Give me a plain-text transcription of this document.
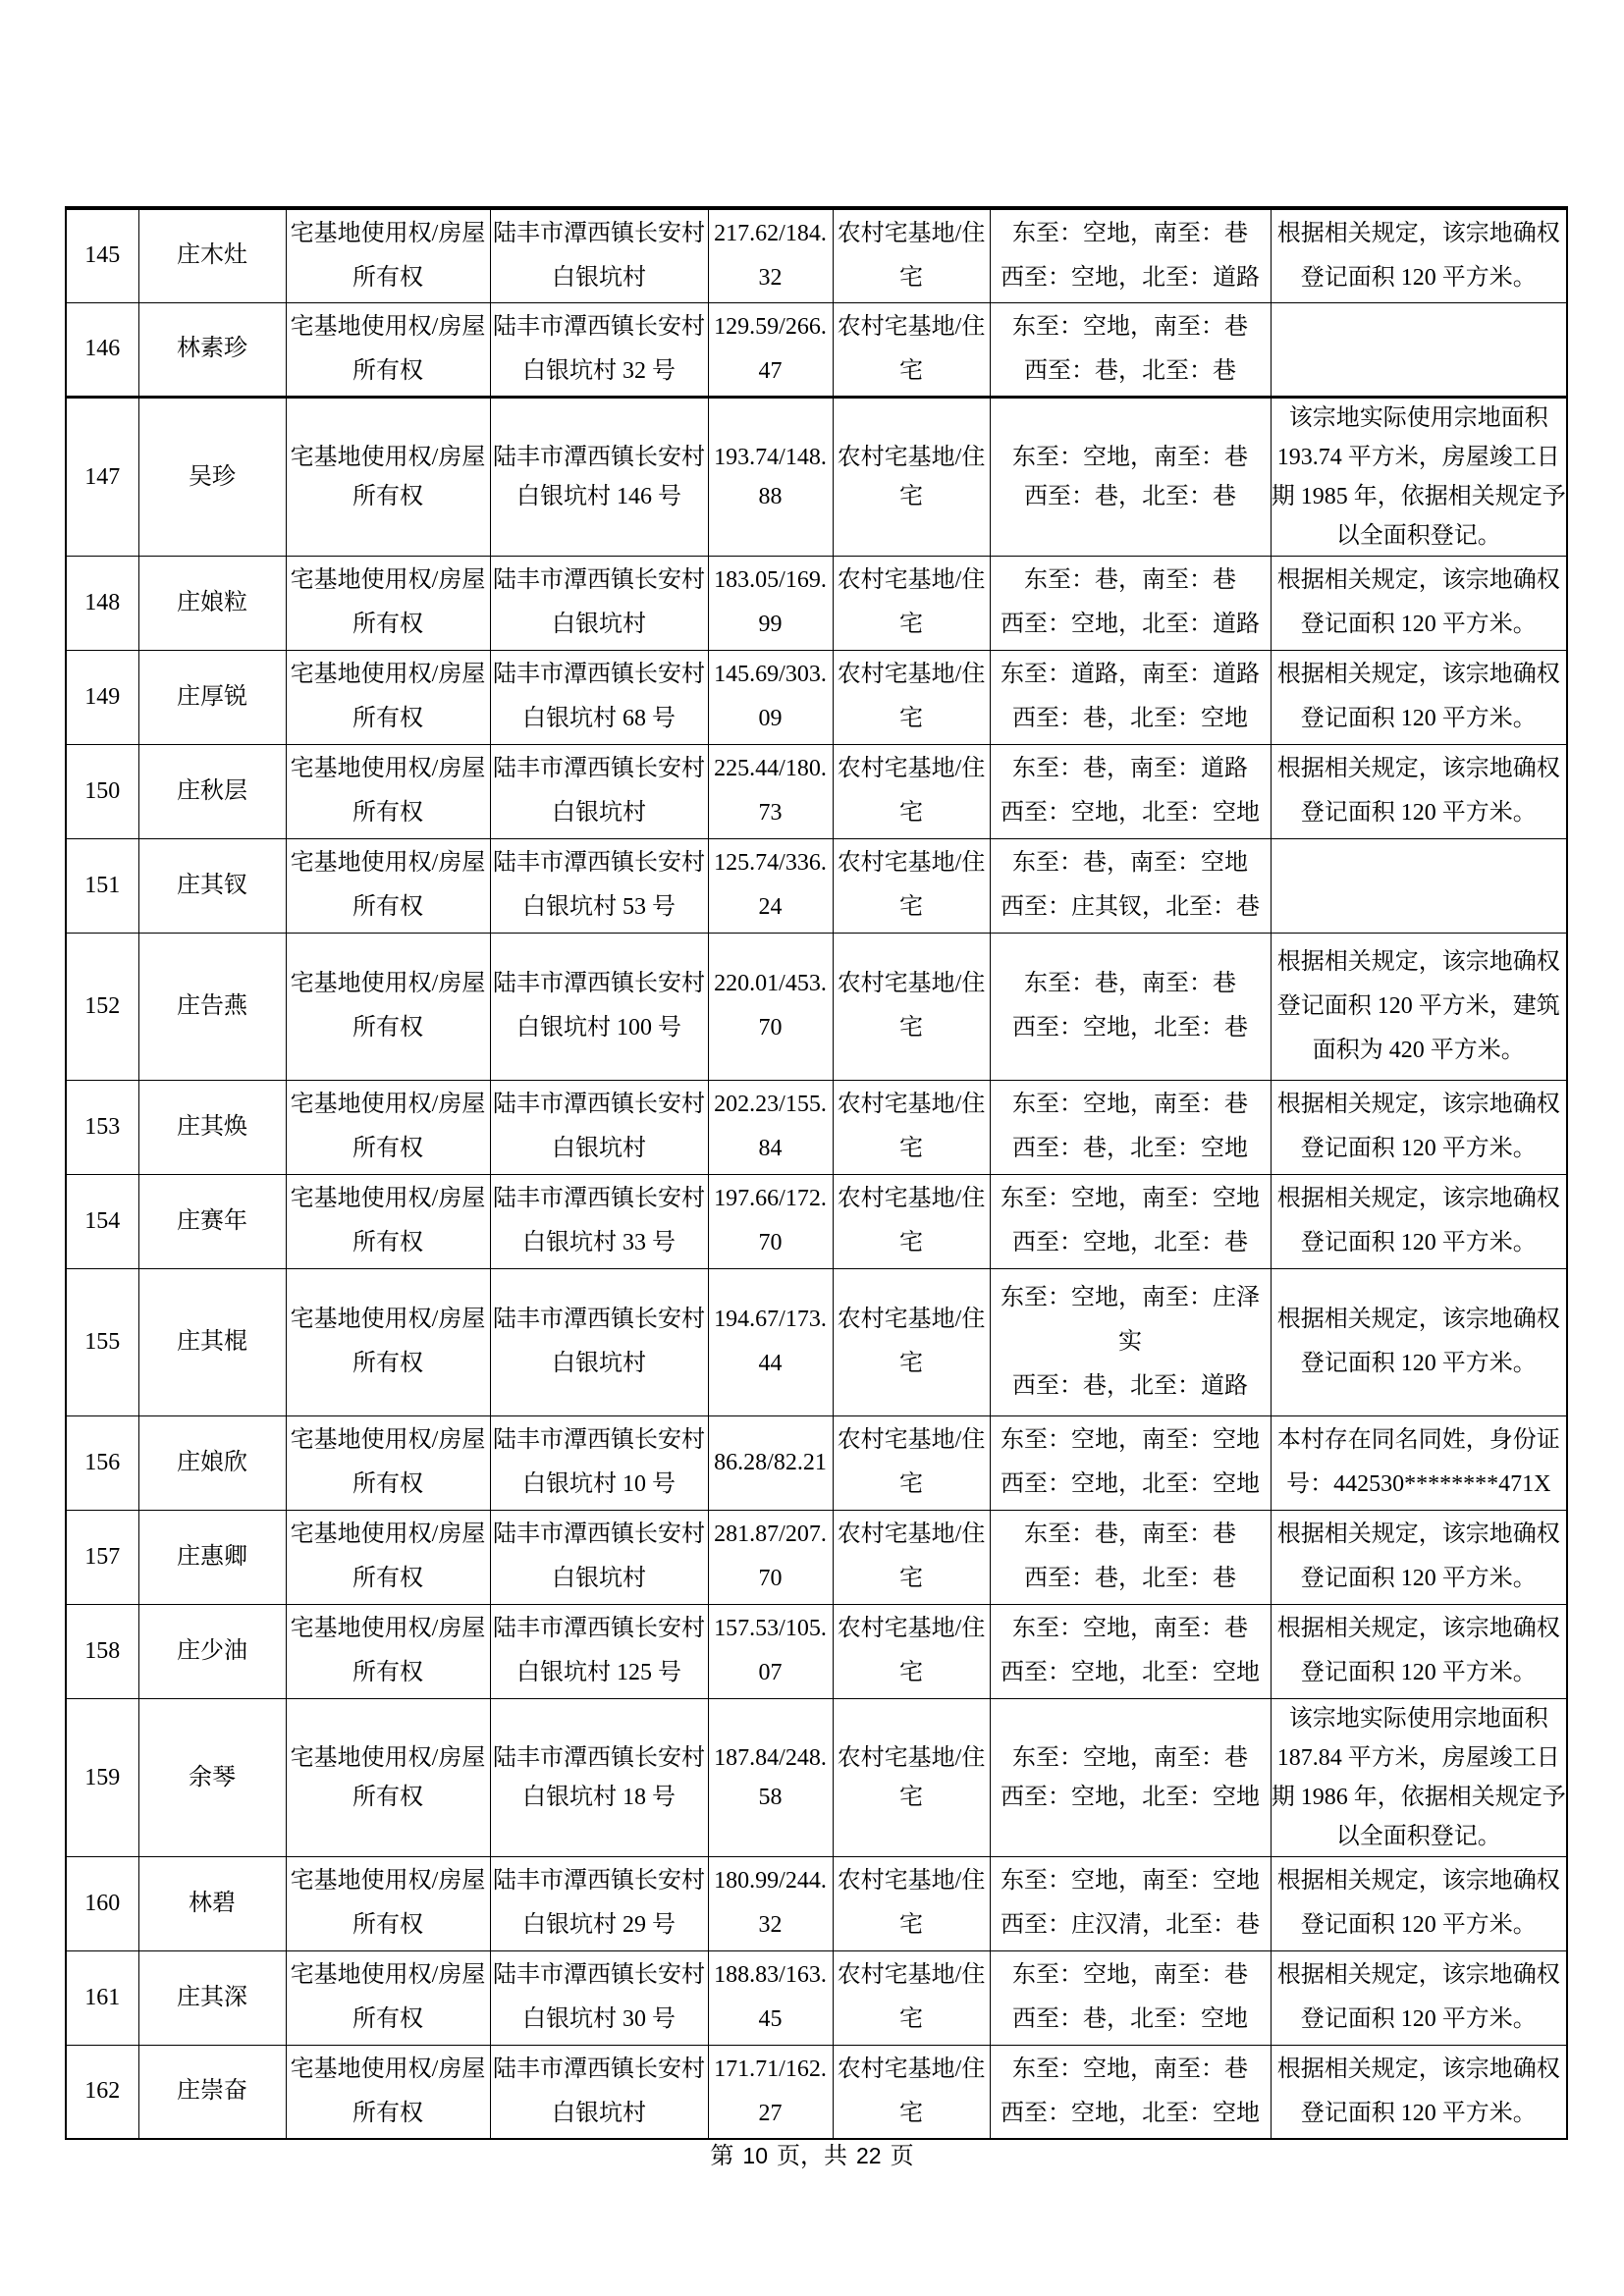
145	庄木灶	宅基地使用权/房屋所有权	陆丰市潭西镇长安村白银坑村	217.62/184.32	农村宅基地/住宅	东至：空地，南至：巷
西至：空地，北至：道路	根据相关规定，该宗地确权登记面积 120 平方米。
146	林素珍	宅基地使用权/房屋所有权	陆丰市潭西镇长安村白银坑村 32 号	129.59/266.47	农村宅基地/住宅	东至：空地，南至：巷
西至：巷，北至：巷	

147	吴珍	宅基地使用权/房屋所有权	陆丰市潭西镇长安村白银坑村 146 号	193.74/148.88	农村宅基地/住宅	东至：空地，南至：巷
西至：巷，北至：巷	该宗地实际使用宗地面积 193.74 平方米，房屋竣工日期 1985 年，依据相关规定予以全面积登记。
148	庄娘粒	宅基地使用权/房屋所有权	陆丰市潭西镇长安村白银坑村	183.05/169.99	农村宅基地/住宅	东至：巷，南至：巷
西至：空地，北至：道路	根据相关规定，该宗地确权登记面积 120 平方米。
149	庄厚锐	宅基地使用权/房屋所有权	陆丰市潭西镇长安村白银坑村 68 号	145.69/303.09	农村宅基地/住宅	东至：道路，南至：道路
西至：巷，北至：空地	根据相关规定，该宗地确权登记面积 120 平方米。
150	庄秋层	宅基地使用权/房屋所有权	陆丰市潭西镇长安村白银坑村	225.44/180.73	农村宅基地/住宅	东至：巷，南至：道路
西至：空地，北至：空地	根据相关规定，该宗地确权登记面积 120 平方米。
151	庄其钗	宅基地使用权/房屋所有权	陆丰市潭西镇长安村白银坑村 53 号	125.74/336.24	农村宅基地/住宅	东至：巷，南至：空地
西至：庄其钗，北至：巷	

152	庄告燕	宅基地使用权/房屋所有权	陆丰市潭西镇长安村白银坑村 100 号	220.01/453.70	农村宅基地/住宅	东至：巷，南至：巷
西至：空地，北至：巷	根据相关规定，该宗地确权登记面积 120 平方米，建筑面积为 420 平方米。
153	庄其焕	宅基地使用权/房屋所有权	陆丰市潭西镇长安村白银坑村	202.23/155.84	农村宅基地/住宅	东至：空地，南至：巷
西至：巷，北至：空地	根据相关规定，该宗地确权登记面积 120 平方米。
154	庄赛年	宅基地使用权/房屋所有权	陆丰市潭西镇长安村白银坑村 33 号	197.66/172.70	农村宅基地/住宅	东至：空地，南至：空地
西至：空地，北至：巷	根据相关规定，该宗地确权登记面积 120 平方米。
155	庄其棍	宅基地使用权/房屋所有权	陆丰市潭西镇长安村白银坑村	194.67/173.44	农村宅基地/住宅	东至：空地，南至：庄泽实
西至：巷，北至：道路	根据相关规定，该宗地确权登记面积 120 平方米。
156	庄娘欣	宅基地使用权/房屋所有权	陆丰市潭西镇长安村白银坑村 10 号	86.28/82.21	农村宅基地/住宅	东至：空地，南至：空地
西至：空地，北至：空地	本村存在同名同姓，身份证号：442530********471X
157	庄惠卿	宅基地使用权/房屋所有权	陆丰市潭西镇长安村白银坑村	281.87/207.70	农村宅基地/住宅	东至：巷，南至：巷
西至：巷，北至：巷	根据相关规定，该宗地确权登记面积 120 平方米。
158	庄少油	宅基地使用权/房屋所有权	陆丰市潭西镇长安村白银坑村 125 号	157.53/105.07	农村宅基地/住宅	东至：空地，南至：巷
西至：空地，北至：空地	根据相关规定，该宗地确权登记面积 120 平方米。
159	余琴	宅基地使用权/房屋所有权	陆丰市潭西镇长安村白银坑村 18 号	187.84/248.58	农村宅基地/住宅	东至：空地，南至：巷
西至：空地，北至：空地	该宗地实际使用宗地面积 187.84 平方米，房屋竣工日期 1986 年，依据相关规定予以全面积登记。
160	林碧	宅基地使用权/房屋所有权	陆丰市潭西镇长安村白银坑村 29 号	180.99/244.32	农村宅基地/住宅	东至：空地，南至：空地
西至：庄汉清，北至：巷	根据相关规定，该宗地确权登记面积 120 平方米。
161	庄其深	宅基地使用权/房屋所有权	陆丰市潭西镇长安村白银坑村 30 号	188.83/163.45	农村宅基地/住宅	东至：空地，南至：巷
西至：巷，北至：空地	根据相关规定，该宗地确权登记面积 120 平方米。
162	庄崇奋	宅基地使用权/房屋所有权	陆丰市潭西镇长安村白银坑村	171.71/162.27	农村宅基地/住宅	东至：空地，南至：巷
西至：空地，北至：空地	根据相关规定，该宗地确权登记面积 120 平方米。
第 10 页，共 22 页
